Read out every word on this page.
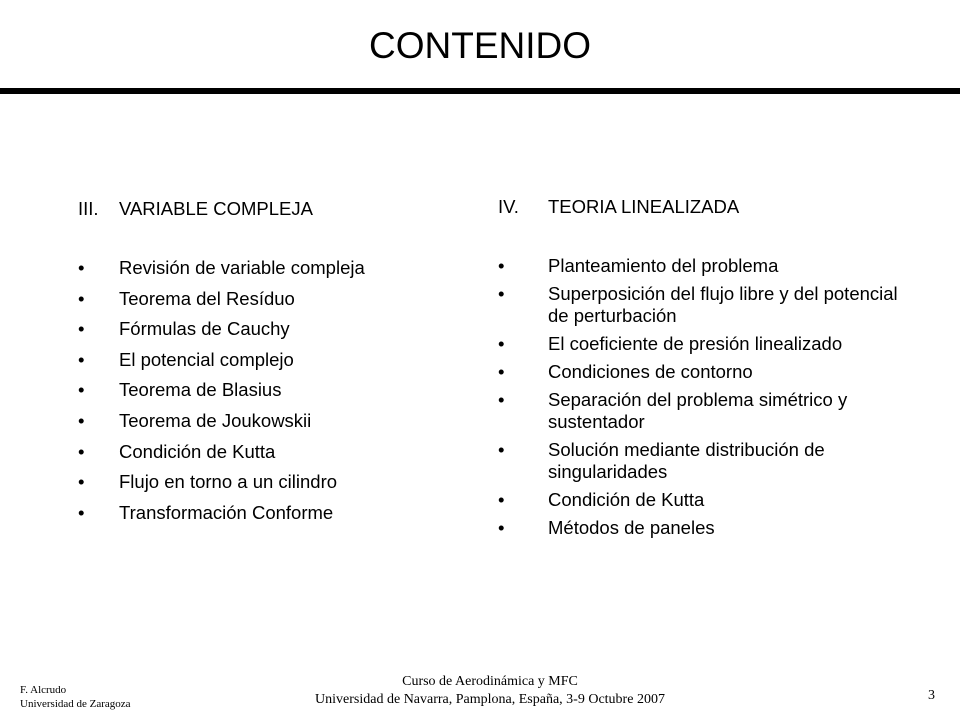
CONTENIDO
III.	VARIABLE COMPLEJA
•	Revisión de variable compleja
•	Teorema del Resíduo
•	Fórmulas de Cauchy
•	El potencial complejo
•	Teorema de Blasius
•	Teorema de Joukowskii
•	Condición de Kutta
•	Flujo en torno a un cilindro
•	Transformación Conforme
IV.	TEORIA LINEALIZADA
•	Planteamiento del problema
•	Superposición del flujo libre y del potencial de perturbación
•	El coeficiente de presión linealizado
•	Condiciones de contorno
•	Separación del problema simétrico y sustentador
•	Solución mediante distribución de singularidades
•	Condición de Kutta
•	Métodos de paneles
F. Alcrudo
Universidad de Zaragoza
Curso de Aerodinámica y MFC
Universidad de Navarra, Pamplona, España, 3-9 Octubre 2007	3
